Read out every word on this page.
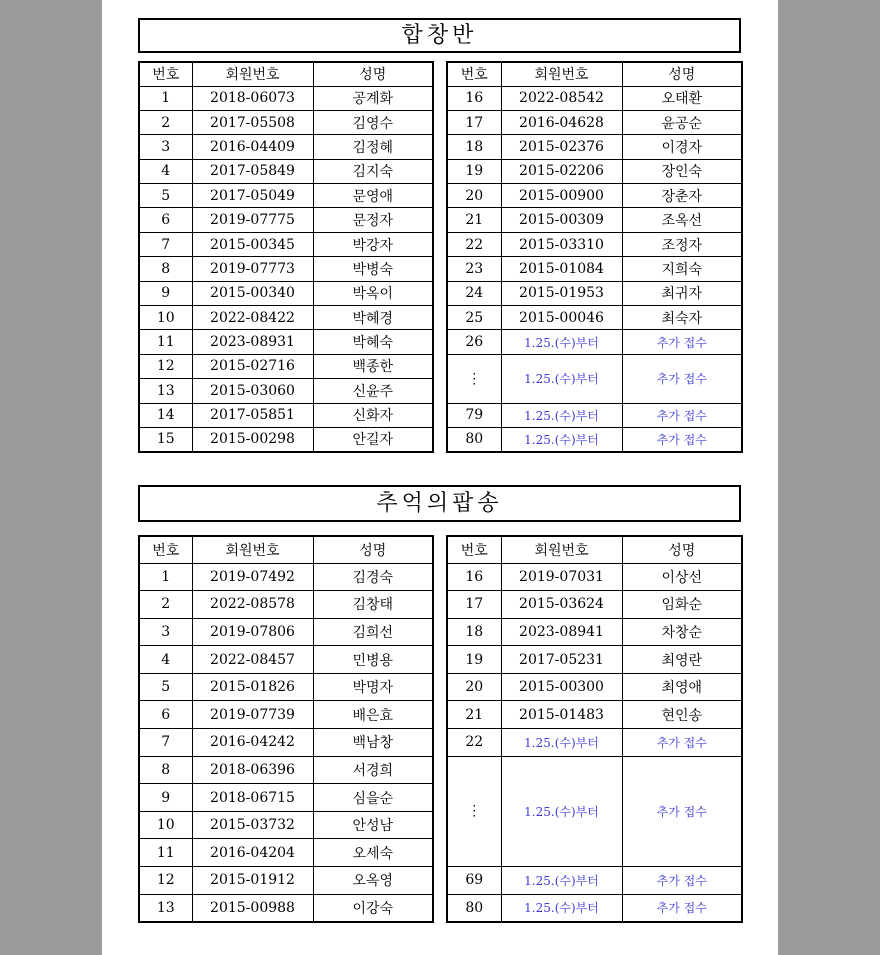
합창반
번호	회원번호	성명
1	2018-06073	공계화
2	2017-05508	김영수
3	2016-04409	김정혜
4	2017-05849	김지숙
5	2017-05049	문영애
6	2019-07775	문정자
7	2015-00345	박강자
8	2019-07773	박병숙
9	2015-00340	박옥이
10	2022-08422	박혜경
11	2023-08931	박혜숙
12	2015-02716	백종한
13	2015-03060	신윤주
14	2017-05851	신화자
15	2015-00298	안길자
번호	회원번호	성명
16	2022-08542	오태환
17	2016-04628	윤공순
18	2015-02376	이경자
19	2015-02206	장인숙
20	2015-00900	장춘자
21	2015-00309	조옥선
22	2015-03310	조정자
23	2015-01084	지희숙
24	2015-01953	최귀자
25	2015-00046	최숙자
26	1.25.(수)부터	추가 접수
⋮	1.25.(수)부터	추가 접수
79	1.25.(수)부터	추가 접수
80	1.25.(수)부터	추가 접수
추억의팝송
번호	회원번호	성명
1	2019-07492	김경숙
2	2022-08578	김창태
3	2019-07806	김희선
4	2022-08457	민병용
5	2015-01826	박명자
6	2019-07739	배은효
7	2016-04242	백남창
8	2018-06396	서경희
9	2018-06715	심을순
10	2015-03732	안성남
11	2016-04204	오세숙
12	2015-01912	오옥영
13	2015-00988	이강숙
번호	회원번호	성명
16	2019-07031	이상선
17	2015-03624	임화순
18	2023-08941	차창순
19	2017-05231	최영란
20	2015-00300	최영애
21	2015-01483	현인송
22	1.25.(수)부터	추가 접수
⋮	1.25.(수)부터	추가 접수
69	1.25.(수)부터	추가 접수
80	1.25.(수)부터	추가 접수
